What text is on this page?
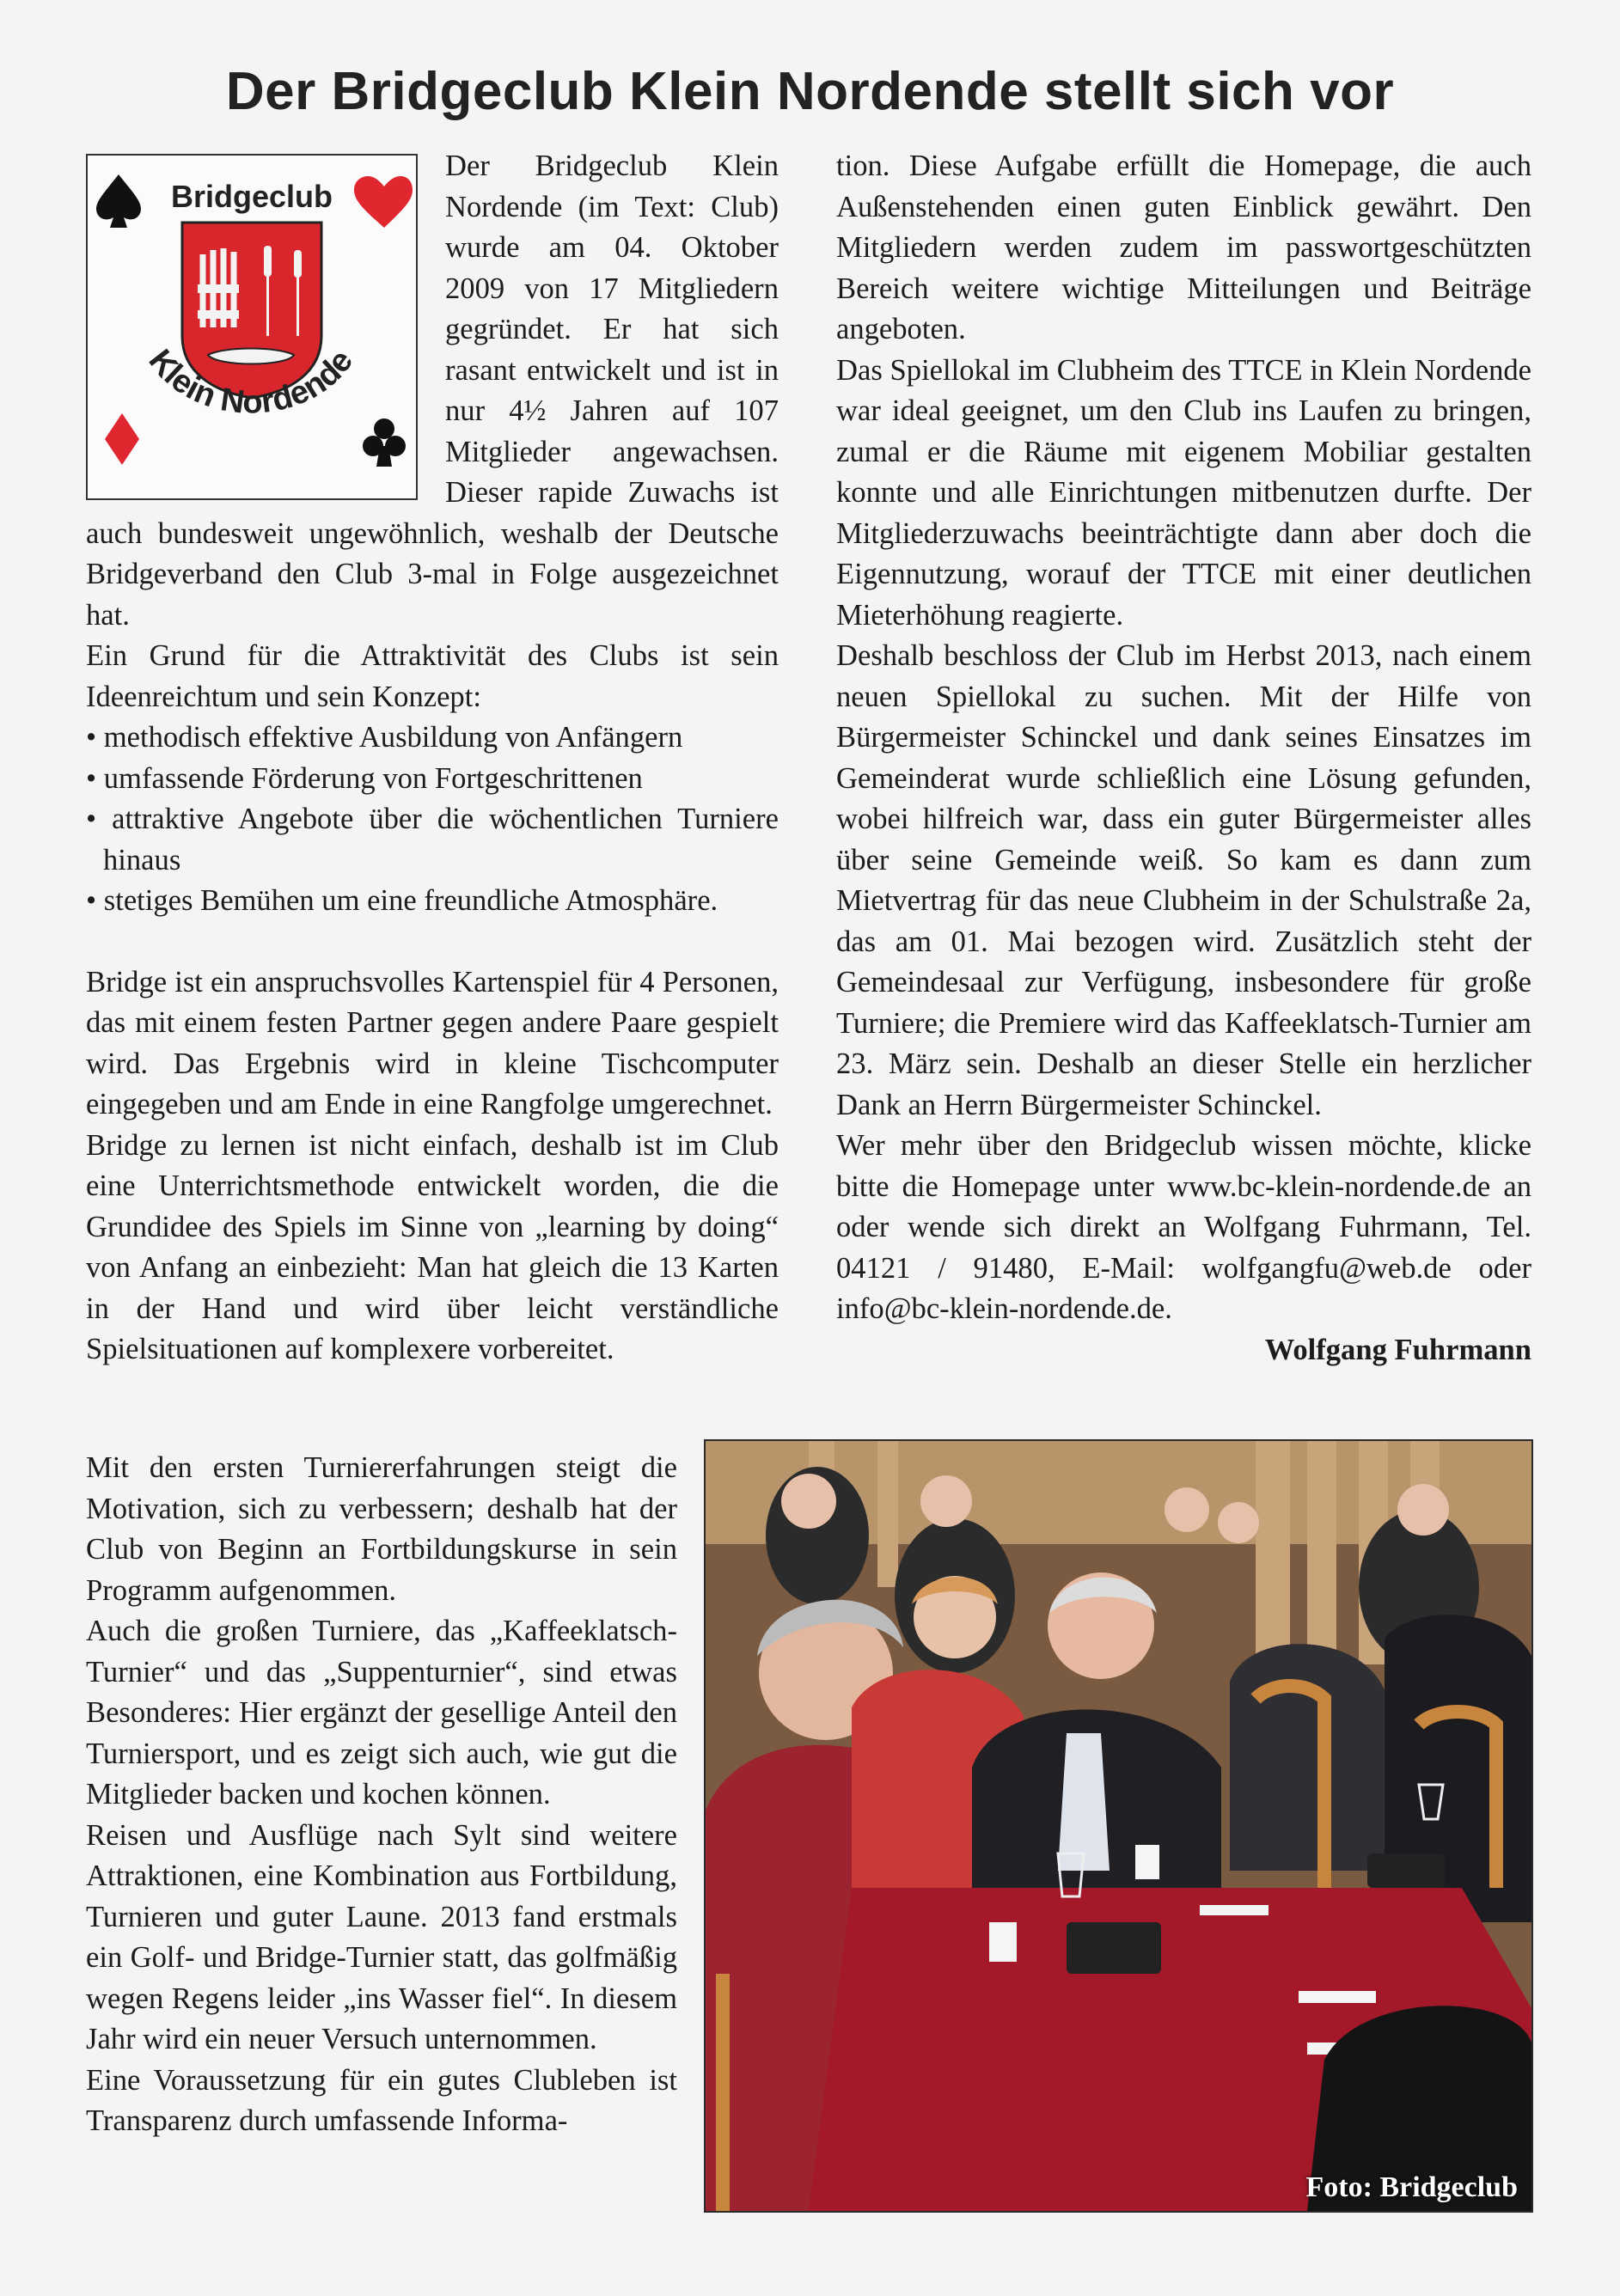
Der Bridgeclub Klein Nordende stellt sich vor
Bridgeclub
Klein Nordende

Der Bridgeclub Klein Nordende (im Text: Club) wurde am 04. Oktober 2009 von 17 Mitgliedern gegründet. Er hat sich rasant entwickelt und ist in nur 4½ Jahren auf 107 Mitglieder angewachsen. Dieser rapide Zuwachs ist auch bundesweit ungewöhnlich, weshalb der Deutsche Bridgeverband den Club 3-mal in Folge ausgezeichnet hat.

Ein Grund für die Attraktivität des Clubs ist sein Ideenreichtum und sein Konzept:

• methodisch effektive Ausbildung von Anfängern
• umfassende Förderung von Fortgeschrittenen
• attraktive Angebote über die wöchentlichen Turniere hinaus
• stetiges Bemühen um eine freundliche Atmosphäre.

Bridge ist ein anspruchsvolles Kartenspiel für 4 Personen, das mit einem festen Partner gegen andere Paare gespielt wird. Das Ergebnis wird in kleine Tischcomputer eingegeben und am Ende in eine Rangfolge umgerechnet.

Bridge zu lernen ist nicht einfach, deshalb ist im Club eine Unterrichtsmethode entwickelt worden, die die Grundidee des Spiels im Sinne von „learning by doing“ von Anfang an einbezieht: Man hat gleich die 13 Karten in der Hand und wird über leicht verständliche Spielsituationen auf komplexere vorbereitet.

Mit den ersten Turniererfahrungen steigt die Motivation, sich zu verbessern; deshalb hat der Club von Beginn an Fortbildungskurse in sein Programm aufgenommen.

Auch die großen Turniere, das „Kaffeeklatsch-Turnier“ und das „Suppenturnier“, sind etwas Besonderes: Hier ergänzt der gesellige Anteil den Turniersport, und es zeigt sich auch, wie gut die Mitglieder backen und kochen können.

Reisen und Ausflüge nach Sylt sind weitere Attraktionen, eine Kombination aus Fortbildung, Turnieren und guter Laune. 2013 fand erstmals ein Golf- und Bridge-Turnier statt, das golfmäßig wegen Regens leider „ins Wasser fiel“. In diesem Jahr wird ein neuer Versuch unternommen.

Eine Voraussetzung für ein gutes Clubleben ist Transparenz durch umfassende Informa-

tion. Diese Aufgabe erfüllt die Homepage, die auch Außenstehenden einen guten Einblick gewährt. Den Mitgliedern werden zudem im passwortgeschützten Bereich weitere wichtige Mitteilungen und Beiträge angeboten.

Das Spiellokal im Clubheim des TTCE in Klein Nordende war ideal geeignet, um den Club ins Laufen zu bringen, zumal er die Räume mit eigenem Mobiliar gestalten konnte und alle Einrichtungen mitbenutzen durfte. Der Mitgliederzuwachs beeinträchtigte dann aber doch die Eigennutzung, worauf der TTCE mit einer deutlichen Mieterhöhung reagierte.

Deshalb beschloss der Club im Herbst 2013, nach einem neuen Spiellokal zu suchen. Mit der Hilfe von Bürgermeister Schinckel und dank seines Einsatzes im Gemeinderat wurde schließlich eine Lösung gefunden, wobei hilfreich war, dass ein guter Bürgermeister alles über seine Gemeinde weiß. So kam es dann zum Mietvertrag für das neue Clubheim in der Schulstraße 2a, das am 01. Mai bezogen wird. Zusätzlich steht der Gemeindesaal zur Verfügung, insbesondere für große Turniere; die Premiere wird das Kaffeeklatsch-Turnier am 23. März sein. Deshalb an dieser Stelle ein herzlicher Dank an Herrn Bürgermeister Schinckel.

Wer mehr über den Bridgeclub wissen möchte, klicke bitte die Homepage unter www.bc-klein-nordende.de an oder wende sich direkt an Wolfgang Fuhrmann, Tel. 04121 / 91480, E-Mail: wolfgangfu@web.de oder info@bc-klein-nordende.de.

Wolfgang Fuhrmann

Foto: Bridgeclub
